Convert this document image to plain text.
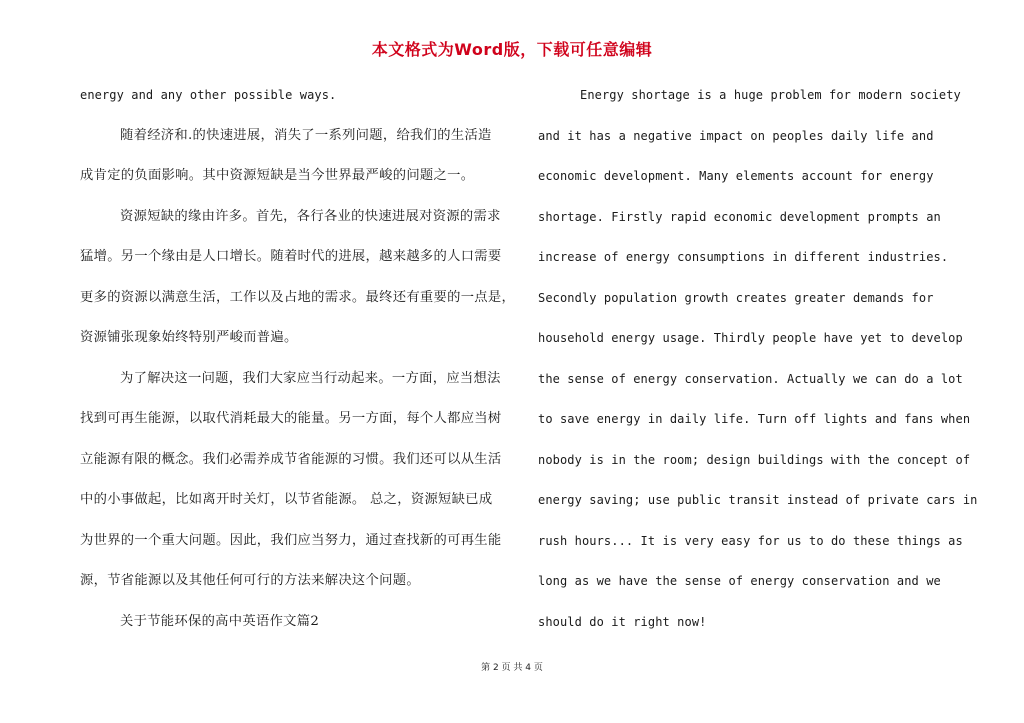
本文格式为Word版，下载可任意编辑

energy and any other possible ways.

随着经济和.的快速进展，消失了一系列问题，给我们的生活造

成肯定的负面影响。其中资源短缺是当今世界最严峻的问题之一。

资源短缺的缘由许多。首先，各行各业的快速进展对资源的需求

猛增。另一个缘由是人口增长。随着时代的进展，越来越多的人口需要

更多的资源以满意生活，工作以及占地的需求。最终还有重要的一点是，

资源铺张现象始终特别严峻而普遍。

为了解决这一问题，我们大家应当行动起来。一方面，应当想法

找到可再生能源，以取代消耗最大的能量。另一方面，每个人都应当树

立能源有限的概念。我们必需养成节省能源的习惯。我们还可以从生活

中的小事做起，比如离开时关灯，以节省能源。 总之，资源短缺已成

为世界的一个重大问题。因此，我们应当努力，通过查找新的可再生能

源，节省能源以及其他任何可行的方法来解决这个问题。

关于节能环保的高中英语作文篇2

Energy shortage is a huge problem for modern society

and it has a negative impact on peoples daily life and

economic development. Many elements account for energy

shortage. Firstly rapid economic development prompts an

increase of energy consumptions in different industries.

Secondly population growth creates greater demands for

household energy usage. Thirdly people have yet to develop

the sense of energy conservation. Actually we can do a lot

to save energy in daily life. Turn off lights and fans when

nobody is in the room; design buildings with the concept of

energy saving; use public transit instead of private cars in

rush hours... It is very easy for us to do these things as

long as we have the sense of energy conservation and we

should do it right now!

第 2 页 共 4 页
